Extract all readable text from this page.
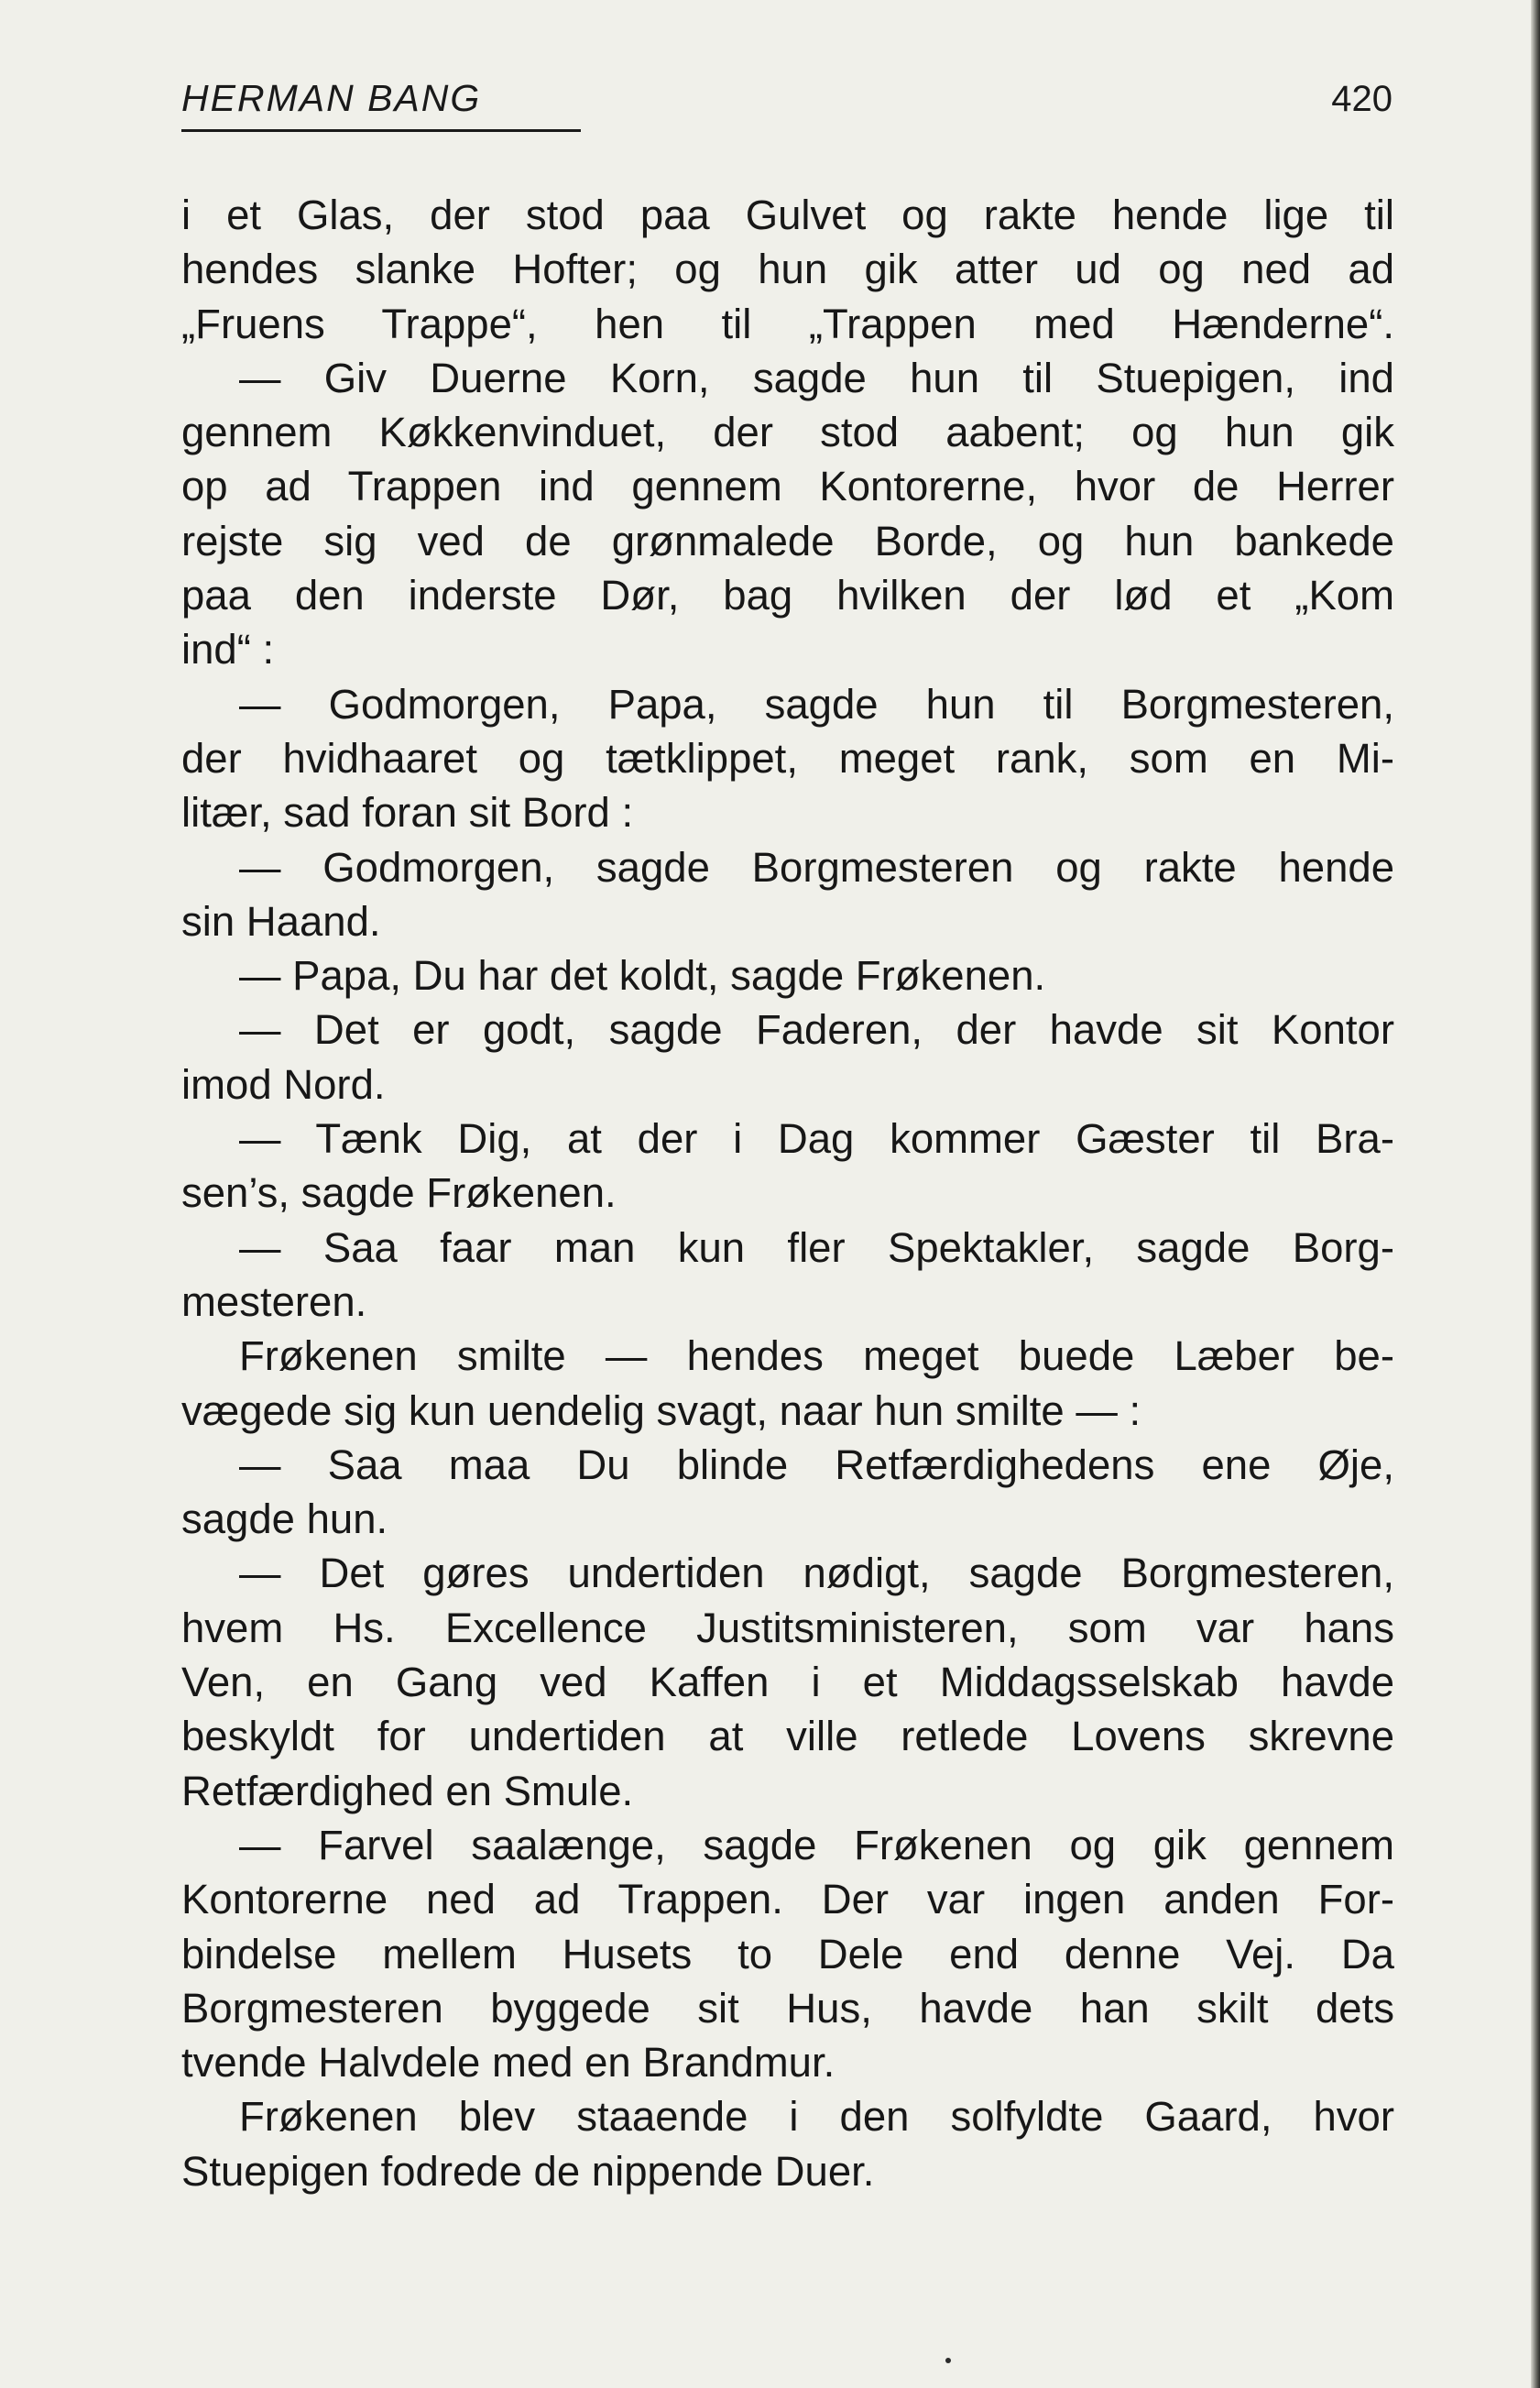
HERMAN BANG	420
i et Glas, der stod paa Gulvet og rakte hende lige til
hendes slanke Hofter; og hun gik atter ud og ned ad
„Fruens Trappe“, hen til „Trappen med Hænderne“.
— Giv Duerne Korn, sagde hun til Stuepigen, ind
gennem Køkkenvinduet, der stod aabent; og hun gik
op ad Trappen ind gennem Kontorerne, hvor de Herrer
rejste sig ved de grønmalede Borde, og hun bankede
paa den inderste Dør, bag hvilken der lød et „Kom
ind“ :
— Godmorgen, Papa, sagde hun til Borgmesteren,
der hvidhaaret og tætklippet, meget rank, som en Mi-
litær, sad foran sit Bord :
— Godmorgen, sagde Borgmesteren og rakte hende
sin Haand.
— Papa, Du har det koldt, sagde Frøkenen.
— Det er godt, sagde Faderen, der havde sit Kontor
imod Nord.
— Tænk Dig, at der i Dag kommer Gæster til Bra-
sen’s, sagde Frøkenen.
— Saa faar man kun fler Spektakler, sagde Borg-
mesteren.
Frøkenen smilte — hendes meget buede Læber be-
vægede sig kun uendelig svagt, naar hun smilte — :
— Saa maa Du blinde Retfærdighedens ene Øje,
sagde hun.
— Det gøres undertiden nødigt, sagde Borgmesteren,
hvem Hs. Excellence Justitsministeren, som var hans
Ven, en Gang ved Kaffen i et Middagsselskab havde
beskyldt for undertiden at ville retlede Lovens skrevne
Retfærdighed en Smule.
— Farvel saalænge, sagde Frøkenen og gik gennem
Kontorerne ned ad Trappen. Der var ingen anden For-
bindelse mellem Husets to Dele end denne Vej. Da
Borgmesteren byggede sit Hus, havde han skilt dets
tvende Halvdele med en Brandmur.
Frøkenen blev staaende i den solfyldte Gaard, hvor
Stuepigen fodrede de nippende Duer.
